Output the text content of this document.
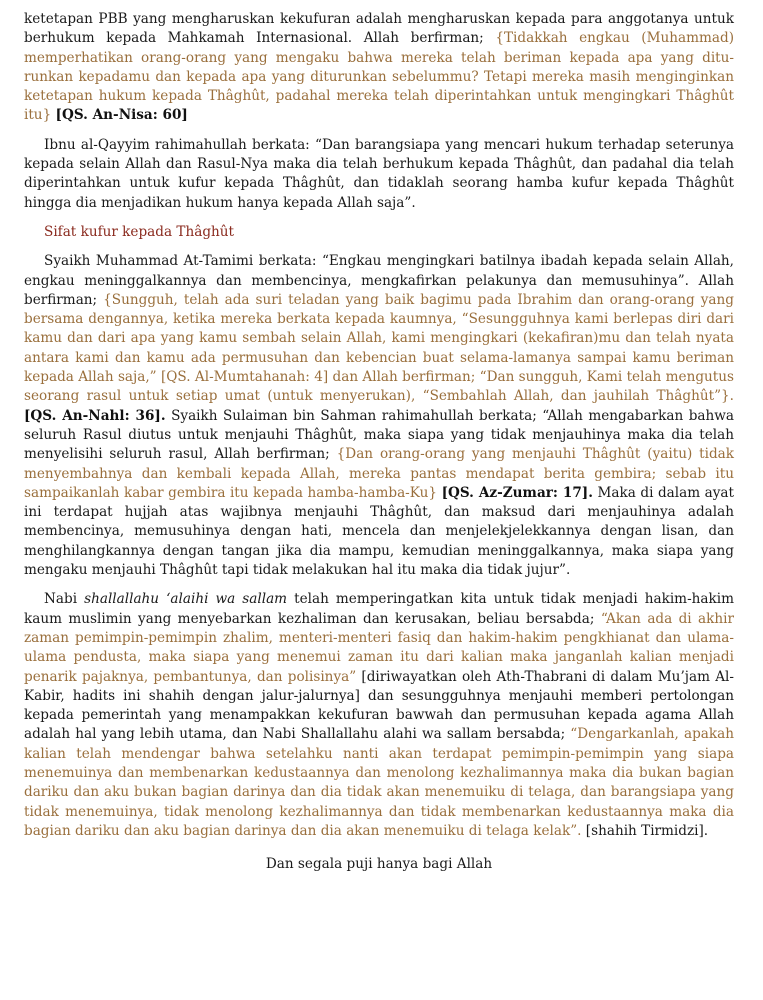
ketetapan PBB yang mengharuskan kekufuran adalah mengharuskan kepada para anggotanya untuk berhukum kepada Mahkamah Internasional. Allah berfirman; {Tidakkah engkau (Muhammad) memperhatikan orang-orang yang mengaku bahwa mereka telah beriman kepada apa yang diturunkan kepadamu dan kepada apa yang diturunkan sebelummu? Tetapi mereka masih menginginkan ketetapan hukum kepada Thâghût, padahal mereka telah diperintahkan untuk mengingkari Thâghût itu} [QS. An-Nisa: 60]

Ibnu al-Qayyim rahimahullah berkata: “Dan barangsiapa yang mencari hukum terhadap seterunya kepada selain Allah dan Rasul-Nya maka dia telah berhukum kepada Thâghût, dan padahal dia telah diperintahkan untuk kufur kepada Thâghût, dan tidaklah seorang hamba kufur kepada Thâghût hingga dia menjadikan hukum hanya kepada Allah saja”.

Sifat kufur kepada Thâghût

Syaikh Muhammad At-Tamimi berkata: “Engkau mengingkari batilnya ibadah kepada selain Allah, engkau meninggalkannya dan membencinya, mengkafirkan pelakunya dan memusuhinya”. Allah berfirman; {Sungguh, telah ada suri teladan yang baik bagimu pada Ibrahim dan orang-orang yang bersama dengannya, ketika mereka berkata kepada kaumnya, “Sesungguhnya kami berlepas diri dari kamu dan dari apa yang kamu sembah selain Allah, kami mengingkari (kekafiran)mu dan telah nyata antara kami dan kamu ada permusuhan dan kebencian buat selama-lamanya sampai kamu beriman kepada Allah saja,” [QS. Al-Mumtahanah: 4] dan Allah berfirman; “Dan sungguh, Kami telah mengutus seorang rasul untuk setiap umat (untuk menyerukan), “Sembahlah Allah, dan jauhilah Thâghût”}. [QS. An-Nahl: 36]. Syaikh Sulaiman bin Sahman rahimahullah berkata; “Allah mengabarkan bahwa seluruh Rasul diutus untuk menjauhi Thâghût, maka siapa yang tidak menjauhinya maka dia telah menyelisihi seluruh rasul, Allah berfirman; {Dan orang-orang yang menjauhi Thâghût (yaitu) tidak menyembahnya dan kembali kepada Allah, mereka pantas mendapat berita gembira; sebab itu sampaikanlah kabar gembira itu kepada hamba-hamba-Ku} [QS. Az-Zumar: 17]. Maka di dalam ayat ini terdapat hujjah atas wajibnya menjauhi Thâghût, dan maksud dari menjauhinya adalah membencinya, memusuhinya dengan hati, mencela dan menjelekjelekkannya dengan lisan, dan menghilangkannya dengan tangan jika dia mampu, kemudian meninggalkannya, maka siapa yang mengaku menjauhi Thâghût tapi tidak melakukan hal itu maka dia tidak jujur”.

Nabi shallallahu ‘alaihi wa sallam telah memperingatkan kita untuk tidak menjadi hakim-hakim kaum muslimin yang menyebarkan kezhaliman dan kerusakan, beliau bersabda; “Akan ada di akhir zaman pemimpin-pemimpin zhalim, menteri-menteri fasiq dan hakim-hakim pengkhianat dan ulama-ulama pendusta, maka siapa yang menemui zaman itu dari kalian maka janganlah kalian menjadi penarik pajaknya, pembantunya, dan polisinya” [diriwayatkan oleh Ath-Thabrani di dalam Mu’jam Al-Kabir, hadits ini shahih dengan jalur-jalurnya] dan sesungguhnya menjauhi memberi pertolongan kepada pemerintah yang menampakkan kekufuran bawwah dan permusuhan kepada agama Allah adalah hal yang lebih utama, dan Nabi Shallallahu alahi wa sallam bersabda; “Dengarkanlah, apakah kalian telah mendengar bahwa setelahku nanti akan terdapat pemimpin-pemimpin yang siapa menemuinya dan membenarkan kedustaannya dan menolong kezhalimannya maka dia bukan bagian dariku dan aku bukan bagian darinya dan dia tidak akan menemuiku di telaga, dan barangsiapa yang tidak menemuinya, tidak menolong kezhalimannya dan tidak membenarkan kedustaannya maka dia bagian dariku dan aku bagian darinya dan dia akan menemuiku di telaga kelak”. [shahih Tirmidzi].

Dan segala puji hanya bagi Allah
